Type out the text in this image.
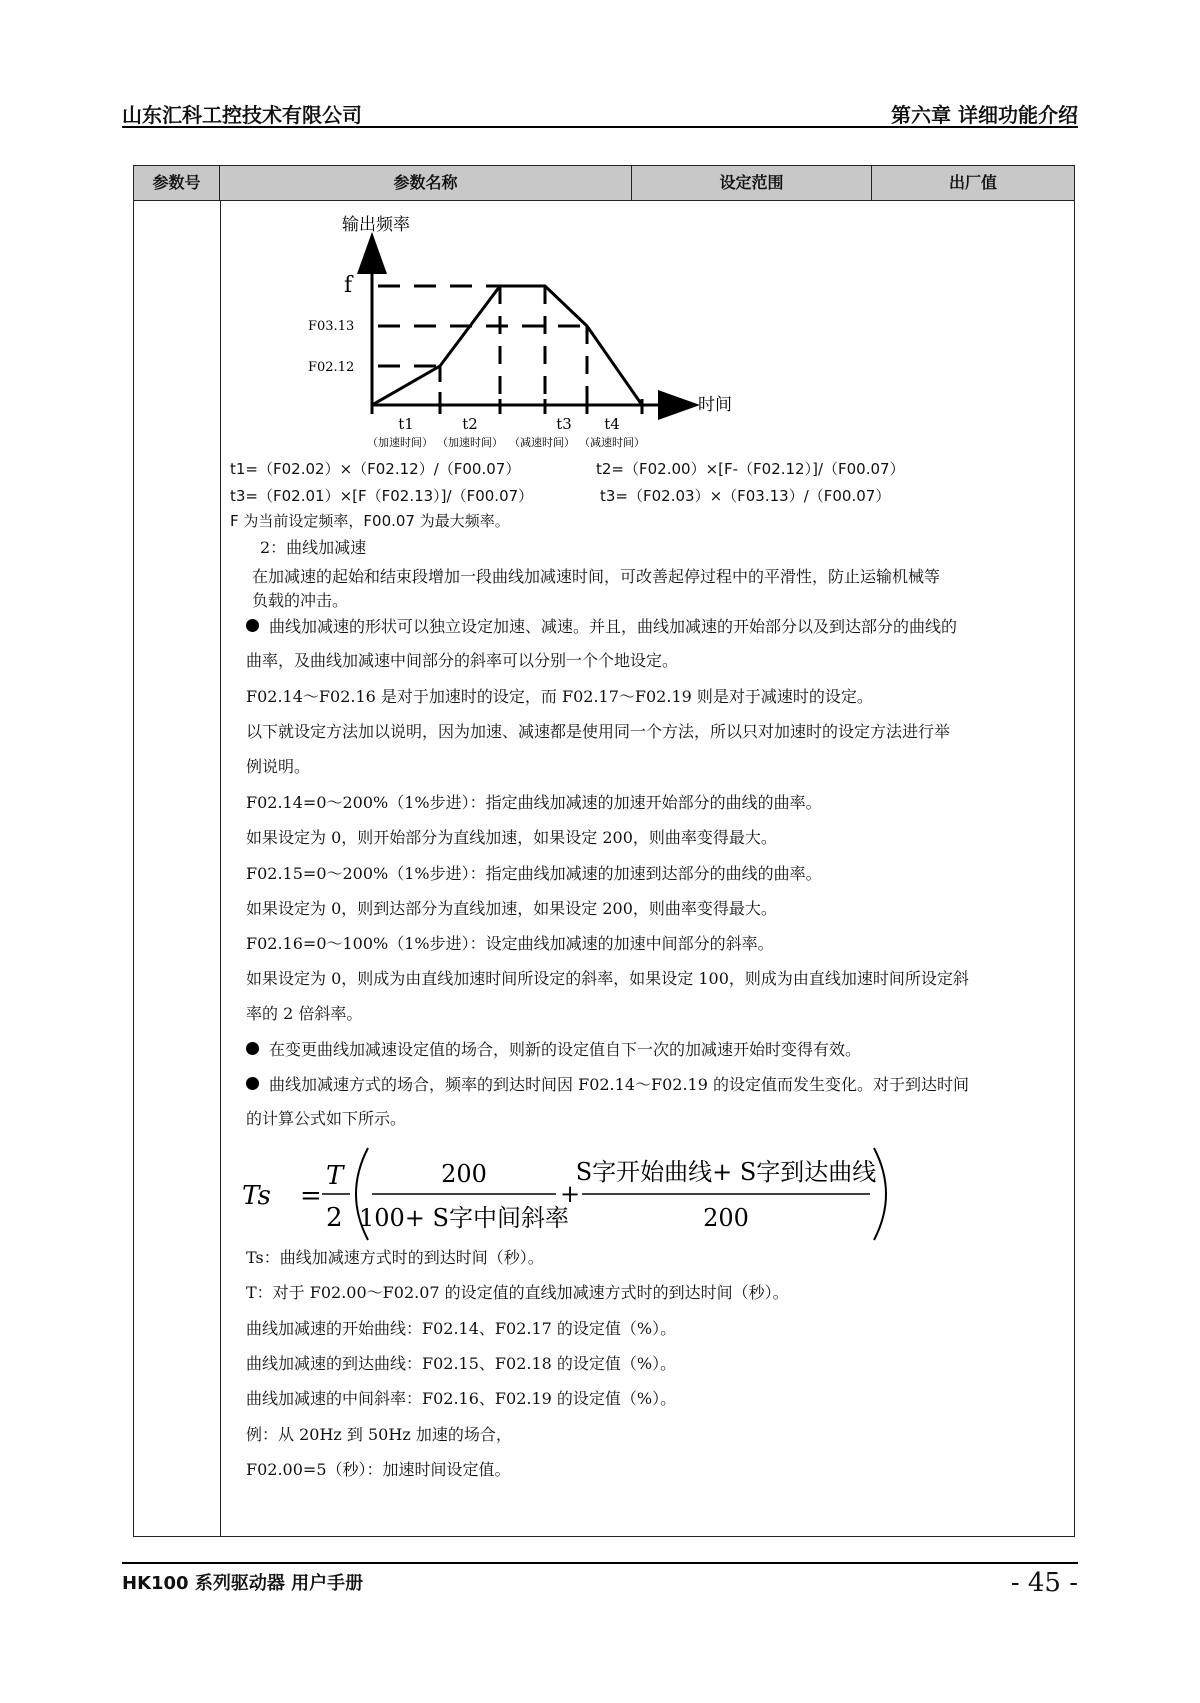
山东汇科工控技术有限公司	第六章 详细功能介绍
参数号	参数名称	设定范围	出厂值
输出频率
时间
f
F03.13
F02.12
t1	t2	t3 t4
（加速时间） （加速时间） （减速时间） （减速时间）
t1=（F02.02）×（F02.12）/（F00.07）	t2=（F02.00）×[F-（F02.12）]/（F00.07）
t3=（F02.01）×[F（F02.13）]/（F00.07）	t3=（F02.03）×（F03.13）/（F00.07）
F 为当前设定频率，F00.07 为最大频率。
2：曲线加减速
在加减速的起始和结束段增加一段曲线加减速时间，可改善起停过程中的平滑性，防止运输机械等
负载的冲击。
曲线加减速的形状可以独立设定加速、减速。并且，曲线加减速的开始部分以及到达部分的曲线的
曲率，及曲线加减速中间部分的斜率可以分别一个个地设定。
F02.14～F02.16 是对于加速时的设定，而 F02.17～F02.19 则是对于减速时的设定。
以下就设定方法加以说明，因为加速、减速都是使用同一个方法，所以只对加速时的设定方法进行举
例说明。
F02.14=0～200%（1%步进）：指定曲线加减速的加速开始部分的曲线的曲率。
如果设定为 0，则开始部分为直线加速，如果设定 200，则曲率变得最大。
F02.15=0～200%（1%步进）：指定曲线加减速的加速到达部分的曲线的曲率。
如果设定为 0，则到达部分为直线加速，如果设定 200，则曲率变得最大。
F02.16=0～100%（1%步进）：设定曲线加减速的加速中间部分的斜率。
如果设定为 0，则成为由直线加速时间所设定的斜率，如果设定 100，则成为由直线加速时间所设定斜
率的 2 倍斜率。
在变更曲线加减速设定值的场合，则新的设定值自下一次的加减速开始时变得有效。
曲线加减速方式的场合，频率的到达时间因 F02.14～F02.19 的设定值而发生变化。对于到达时间
的计算公式如下所示。
Ts =
T
2
200
100+ S字中间斜率
+
S字开始曲线+ S字到达曲线
200
Ts：曲线加减速方式时的到达时间（秒）。
T：对于 F02.00～F02.07 的设定值的直线加减速方式时的到达时间（秒）。
曲线加减速的开始曲线：F02.14、F02.17 的设定值（%）。
曲线加减速的到达曲线：F02.15、F02.18 的设定值（%）。
曲线加减速的中间斜率：F02.16、F02.19 的设定值（%）。
例：从 20Hz 到 50Hz 加速的场合，
F02.00=5（秒）：加速时间设定值。
HK100 系列驱动器 用户手册	- 45 -
